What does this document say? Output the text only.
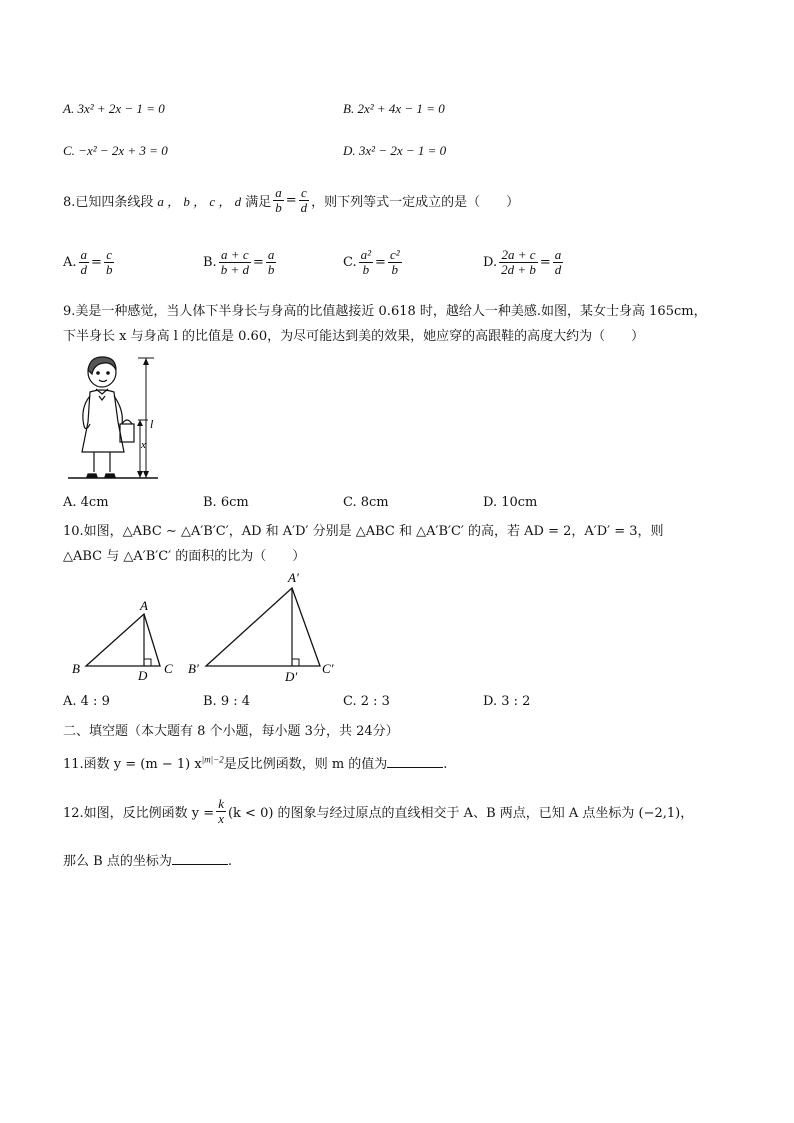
A. 3x² + 2x − 1 = 0	B. 2x² + 4x − 1 = 0
C. −x² − 2x + 3 = 0	D. 3x² − 2x − 1 = 0
8.已知四条线段 a ， b ， c ， d 满足 $\frac{a}{b} = \frac{c}{d}$ ，则下列等式一定成立的是（　　）
A. $\frac{a}{d} = \frac{c}{b}$	B. $\frac{a + c}{b + d} = \frac{a}{b}$	C. $\frac{\text{a²}}{b} = \frac{\text{c²}}{b}$	D. $\frac{2a + c}{2d + b} = \frac{a}{d}$
9.美是一种感觉，当人体下半身长与身高的比值越接近 0.618 时，越给人一种美感.如图，某女士身高 165cm，
下半身长 x 与身高 l 的比值是 0.60，为尽可能达到美的效果，她应穿的高跟鞋的高度大约为（　　）
l
x
A. 4cm	B. 6cm	C. 8cm	D. 10cm
10.如图，△ABC ∼ △A′B′C′，AD 和 A′D′ 分别是 △ABC 和 △A′B′C′ 的高，若 AD = 2，A′D′ = 3，则
△ABC 与 △A′B′C′ 的面积的比为（　　）
A
B	C
D
A′
B′	C′
D′
A. 4 : 9	B. 9 : 4	C. 2 : 3	D. 3 : 2
二、填空题（本大题有 8 个小题，每小题 3分，共 24分）
11.函数 y = (m − 1) $x^{|m|-2}$是反比例函数，则 m 的值为	.
12.如图，反比例函数 $y = \frac{k}{x} (k < 0)$ 的图象与经过原点的直线相交于 A、B 两点，已知 A 点坐标为 (−2,1)，
那么 B 点的坐标为	.
